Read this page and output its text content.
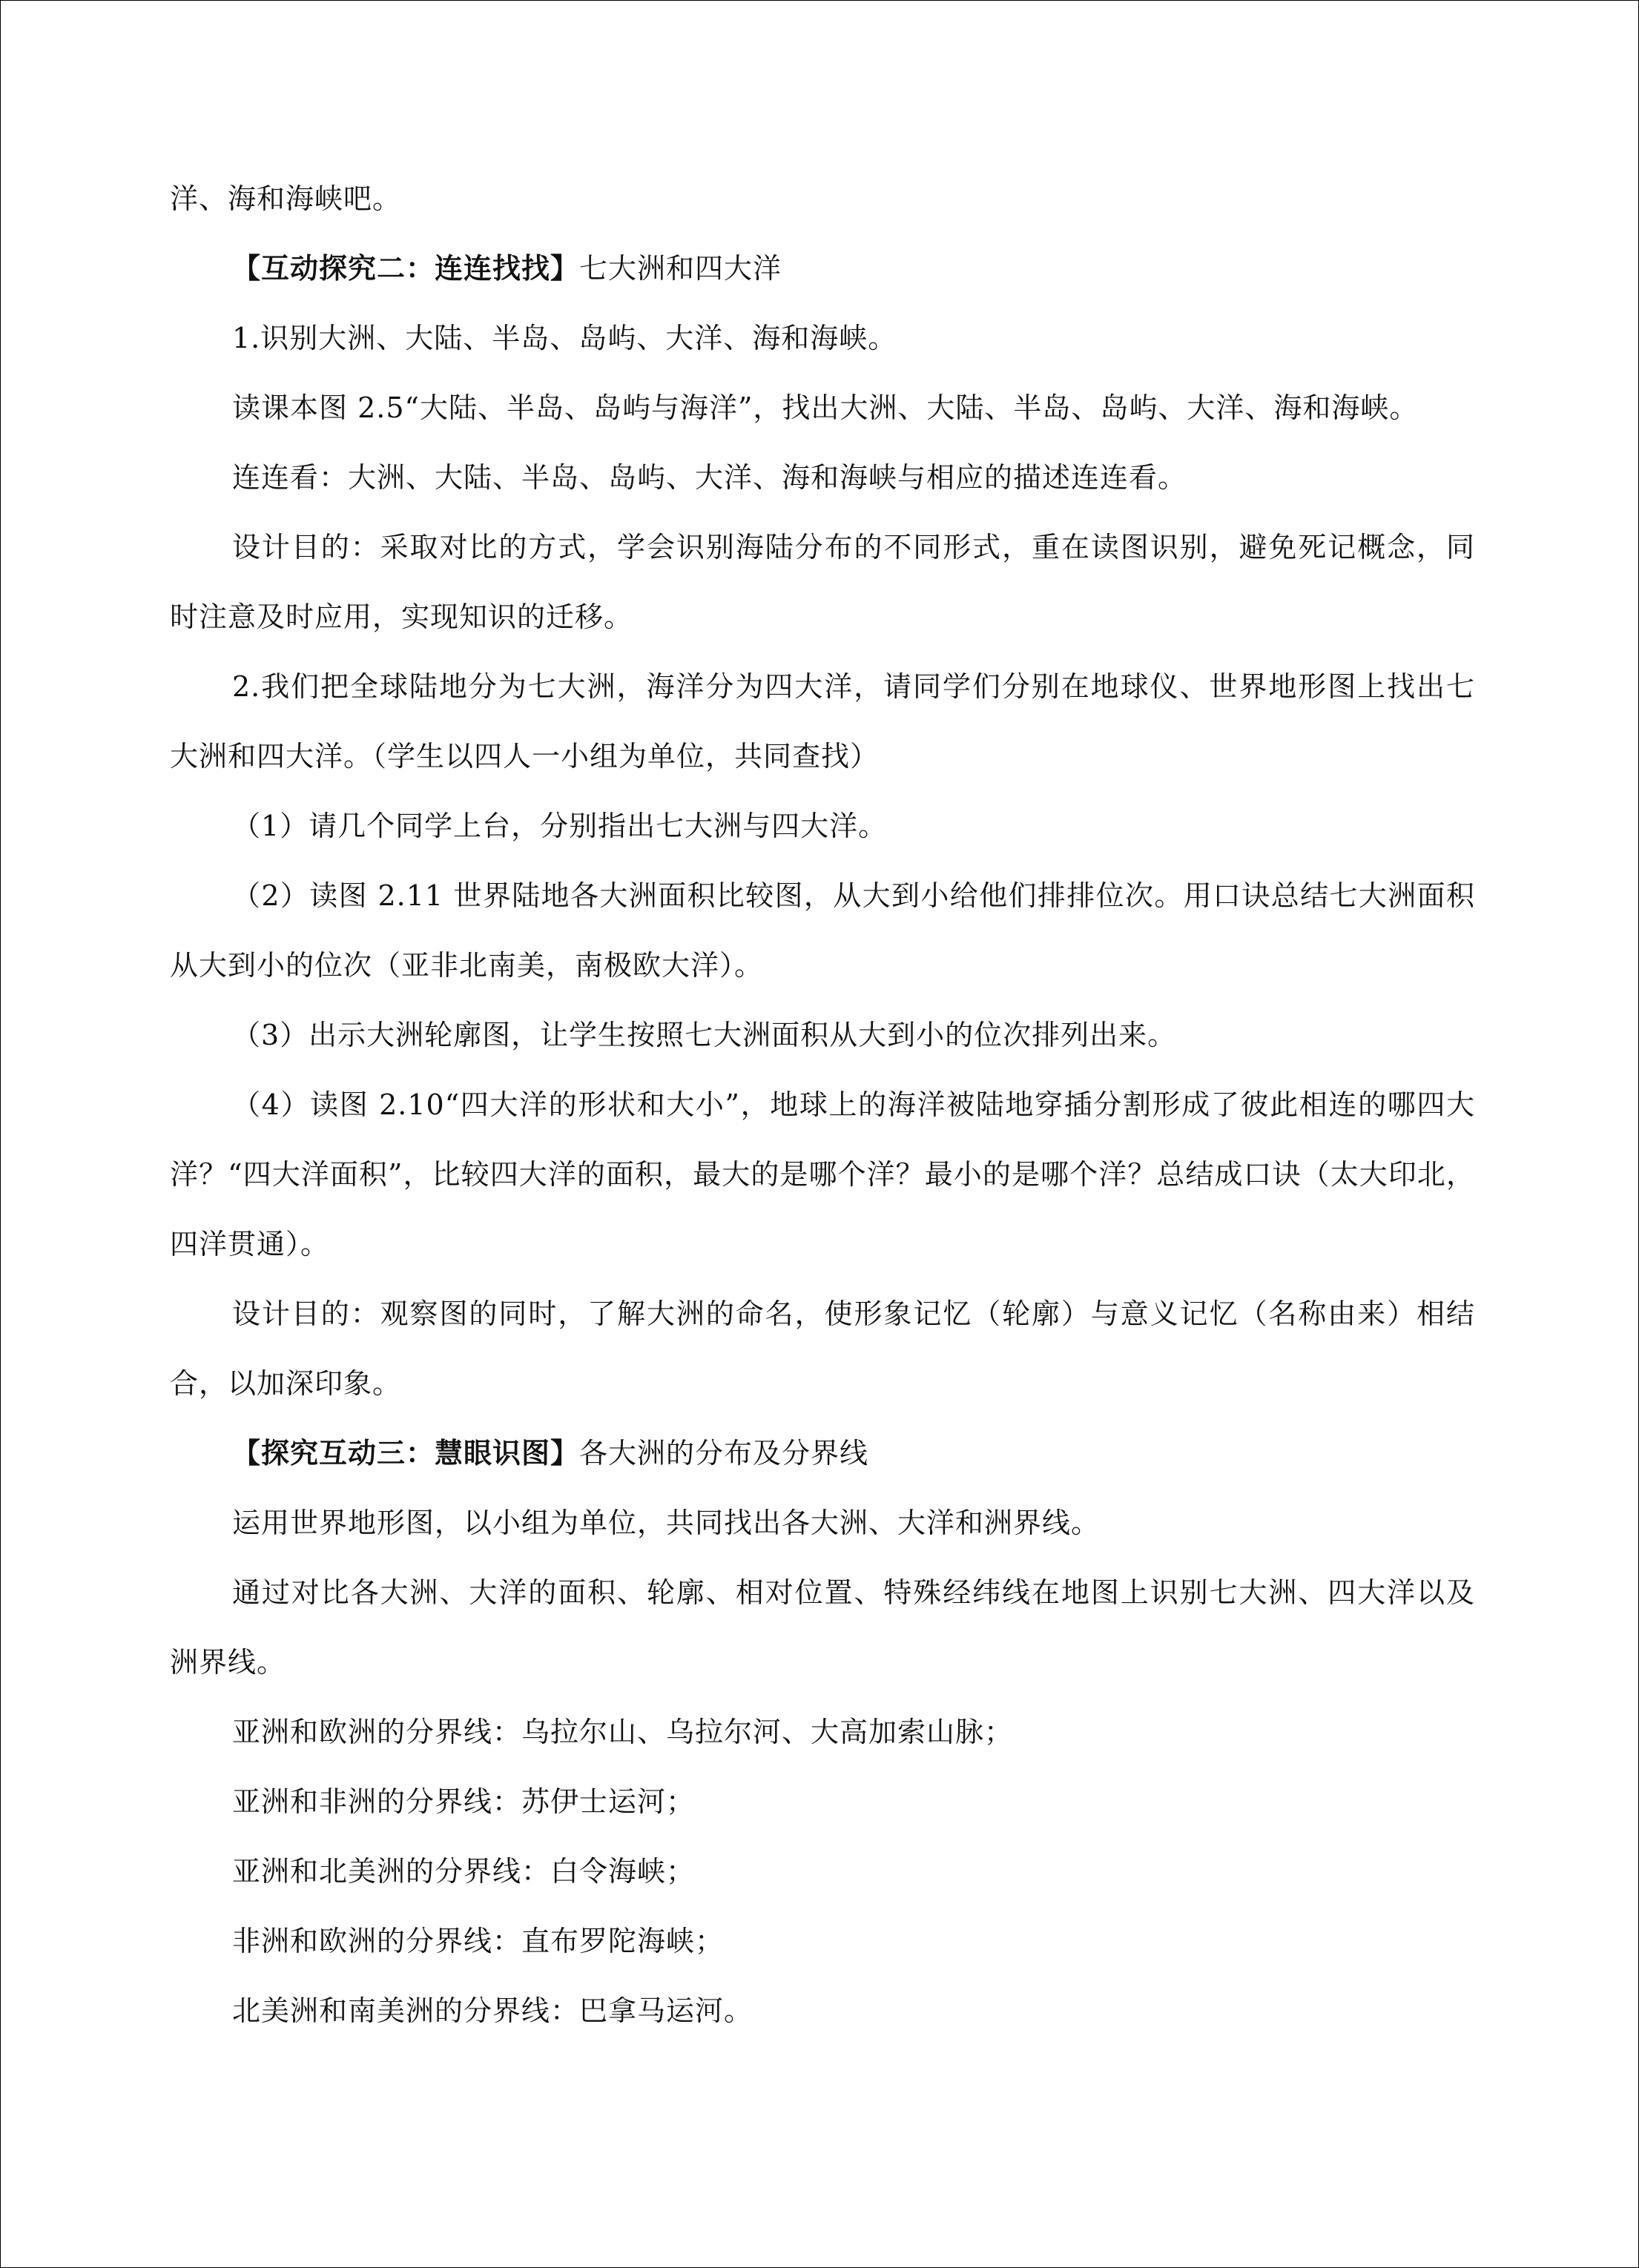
洋、海和海峡吧。

【互动探究二：连连找找】七大洲和四大洋

1.识别大洲、大陆、半岛、岛屿、大洋、海和海峡。

读课本图 2.5“大陆、半岛、岛屿与海洋”，找出大洲、大陆、半岛、岛屿、大洋、海和海峡。

连连看：大洲、大陆、半岛、岛屿、大洋、海和海峡与相应的描述连连看。

设计目的：采取对比的方式，学会识别海陆分布的不同形式，重在读图识别，避免死记概念，同时注意及时应用，实现知识的迁移。

2.我们把全球陆地分为七大洲，海洋分为四大洋，请同学们分别在地球仪、世界地形图上找出七大洲和四大洋。（学生以四人一小组为单位，共同查找）

（1）请几个同学上台，分别指出七大洲与四大洋。

（2）读图 2.11 世界陆地各大洲面积比较图，从大到小给他们排排位次。用口诀总结七大洲面积从大到小的位次（亚非北南美，南极欧大洋）。

（3）出示大洲轮廓图，让学生按照七大洲面积从大到小的位次排列出来。

（4）读图 2.10“四大洋的形状和大小”，地球上的海洋被陆地穿插分割形成了彼此相连的哪四大洋？“四大洋面积”，比较四大洋的面积，最大的是哪个洋？最小的是哪个洋？总结成口诀（太大印北，四洋贯通）。

设计目的：观察图的同时，了解大洲的命名，使形象记忆（轮廓）与意义记忆（名称由来）相结合，以加深印象。

【探究互动三：慧眼识图】各大洲的分布及分界线

运用世界地形图，以小组为单位，共同找出各大洲、大洋和洲界线。

通过对比各大洲、大洋的面积、轮廓、相对位置、特殊经纬线在地图上识别七大洲、四大洋以及洲界线。

亚洲和欧洲的分界线：乌拉尔山、乌拉尔河、大高加索山脉；

亚洲和非洲的分界线：苏伊士运河；

亚洲和北美洲的分界线：白令海峡；

非洲和欧洲的分界线：直布罗陀海峡；

北美洲和南美洲的分界线：巴拿马运河。
